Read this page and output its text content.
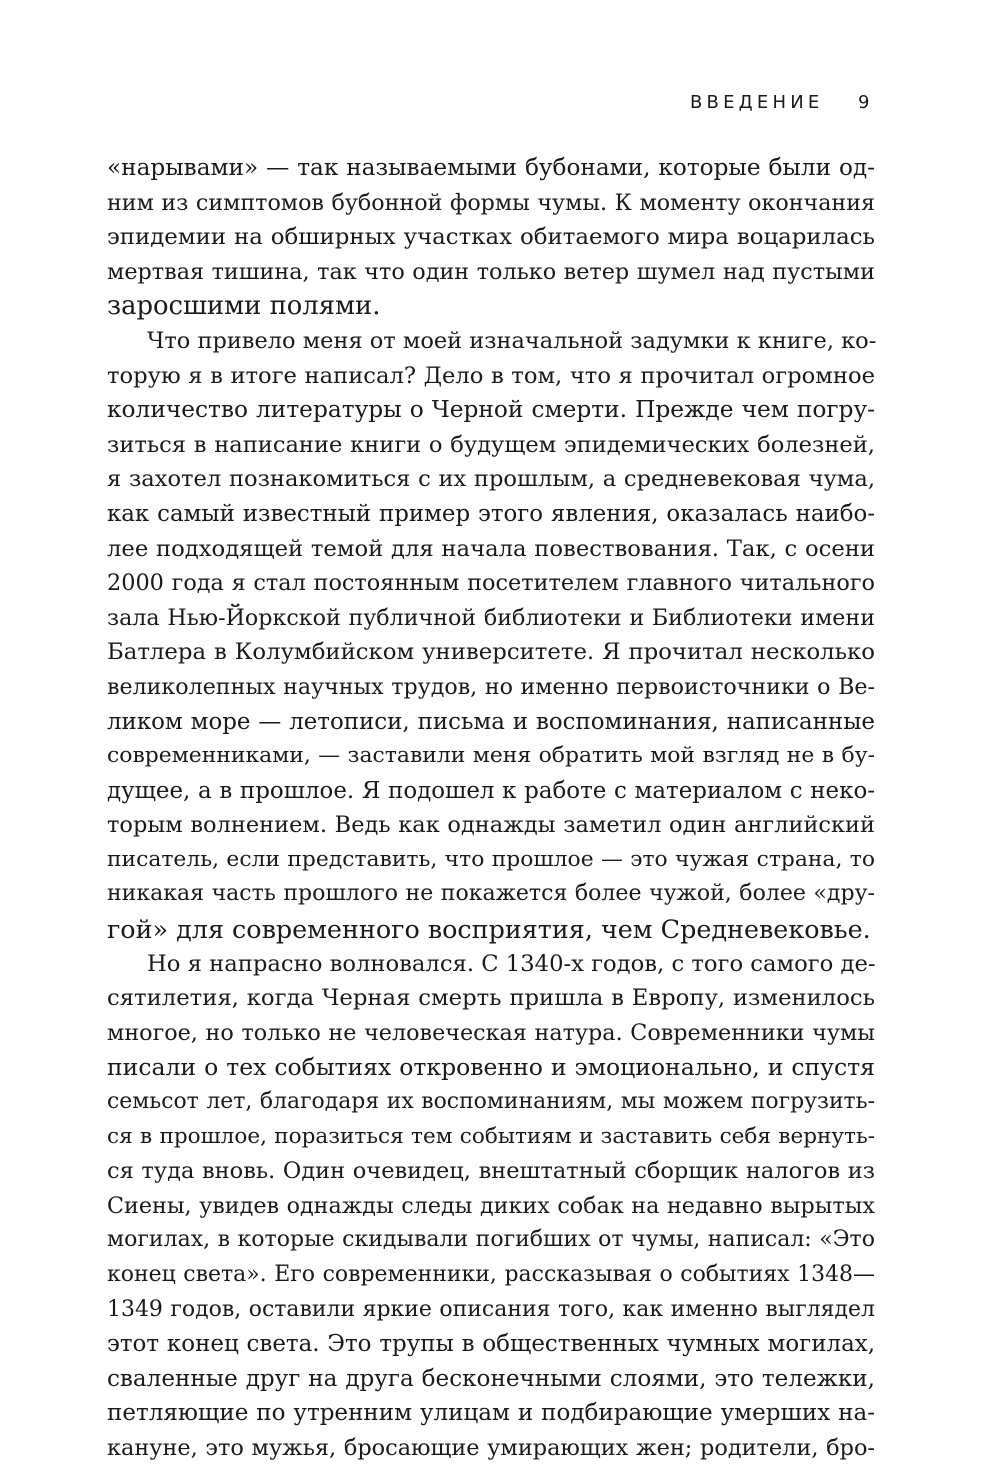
ВВЕДЕНИЕ 9
«нарывами» — так называемыми бубонами, которые были од-
ним из симптомов бубонной формы чумы. К моменту окончания
эпидемии на обширных участках обитаемого мира воцарилась
мертвая тишина, так что один только ветер шумел над пустыми
заросшими полями.
Что привело меня от моей изначальной задумки к книге, ко-
торую я в итоге написал? Дело в том, что я прочитал огромное
количество литературы о Черной смерти. Прежде чем погру-
зиться в написание книги о будущем эпидемических болезней,
я захотел познакомиться с их прошлым, а средневековая чума,
как самый известный пример этого явления, оказалась наибо-
лее подходящей темой для начала повествования. Так, с осени
2000 года я стал постоянным посетителем главного читального
зала Нью-Йоркской публичной библиотеки и Библиотеки имени
Батлера в Колумбийском университете. Я прочитал несколько
великолепных научных трудов, но именно первоисточники о Ве-
ликом море — летописи, письма и воспоминания, написанные
современниками, — заставили меня обратить мой взгляд не в бу-
дущее, а в прошлое. Я подошел к работе с материалом с неко-
торым волнением. Ведь как однажды заметил один английский
писатель, если представить, что прошлое — это чужая страна, то
никакая часть прошлого не покажется более чужой, более «дру-
гой» для современного восприятия, чем Средневековье.
Но я напрасно волновался. С 1340-х годов, с того самого де-
сятилетия, когда Черная смерть пришла в Европу, изменилось
многое, но только не человеческая натура. Современники чумы
писали о тех событиях откровенно и эмоционально, и спустя
семьсот лет, благодаря их воспоминаниям, мы можем погрузить-
ся в прошлое, поразиться тем событиям и заставить себя вернуть-
ся туда вновь. Один очевидец, внештатный сборщик налогов из
Сиены, увидев однажды следы диких собак на недавно вырытых
могилах, в которые скидывали погибших от чумы, написал: «Это
конец света». Его современники, рассказывая о событиях 1348—
1349 годов, оставили яркие описания того, как именно выглядел
этот конец света. Это трупы в общественных чумных могилах,
сваленные друг на друга бесконечными слоями, это тележки,
петляющие по утренним улицам и подбирающие умерших на-
кануне, это мужья, бросающие умирающих жен; родители, бро-
